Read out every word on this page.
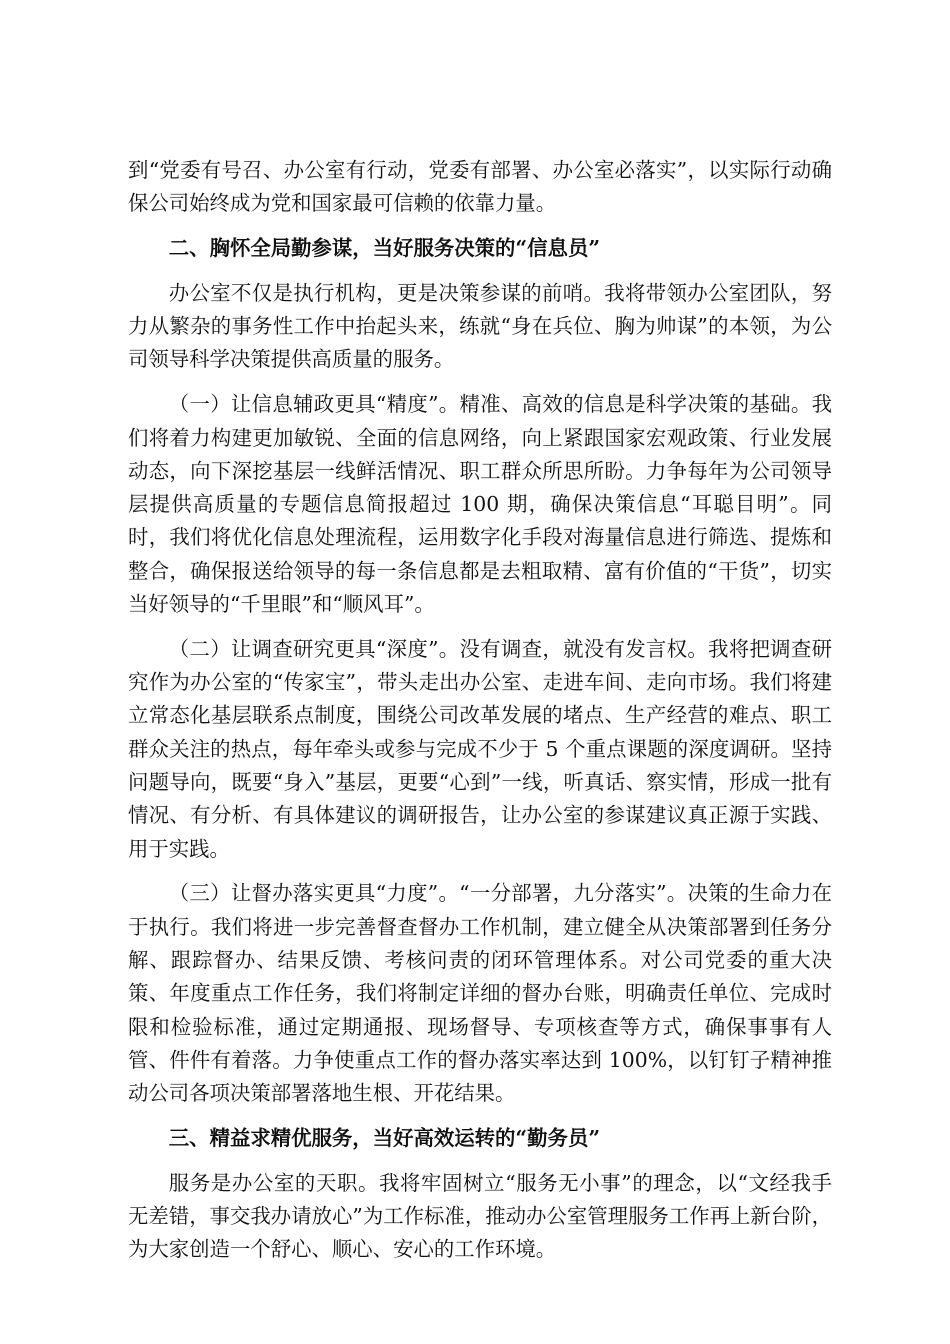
到“党委有号召、办公室有行动，党委有部署、办公室必落实”，以实际行动确保公司始终成为党和国家最可信赖的依靠力量。

二、胸怀全局勤参谋，当好服务决策的“信息员”

办公室不仅是执行机构，更是决策参谋的前哨。我将带领办公室团队，努力从繁杂的事务性工作中抬起头来，练就“身在兵位、胸为帅谋”的本领，为公司领导科学决策提供高质量的服务。

（一）让信息辅政更具“精度”。精准、高效的信息是科学决策的基础。我们将着力构建更加敏锐、全面的信息网络，向上紧跟国家宏观政策、行业发展动态，向下深挖基层一线鲜活情况、职工群众所思所盼。力争每年为公司领导层提供高质量的专题信息简报超过 100 期，确保决策信息“耳聪目明”。同时，我们将优化信息处理流程，运用数字化手段对海量信息进行筛选、提炼和整合，确保报送给领导的每一条信息都是去粗取精、富有价值的“干货”，切实当好领导的“千里眼”和“顺风耳”。

（二）让调查研究更具“深度”。没有调查，就没有发言权。我将把调查研究作为办公室的“传家宝”，带头走出办公室、走进车间、走向市场。我们将建立常态化基层联系点制度，围绕公司改革发展的堵点、生产经营的难点、职工群众关注的热点，每年牵头或参与完成不少于 5 个重点课题的深度调研。坚持问题导向，既要“身入”基层，更要“心到”一线，听真话、察实情，形成一批有情况、有分析、有具体建议的调研报告，让办公室的参谋建议真正源于实践、用于实践。

（三）让督办落实更具“力度”。“一分部署，九分落实”。决策的生命力在于执行。我们将进一步完善督查督办工作机制，建立健全从决策部署到任务分解、跟踪督办、结果反馈、考核问责的闭环管理体系。对公司党委的重大决策、年度重点工作任务，我们将制定详细的督办台账，明确责任单位、完成时限和检验标准，通过定期通报、现场督导、专项核查等方式，确保事事有人管、件件有着落。力争使重点工作的督办落实率达到 100%，以钉钉子精神推动公司各项决策部署落地生根、开花结果。

三、精益求精优服务，当好高效运转的“勤务员”

服务是办公室的天职。我将牢固树立“服务无小事”的理念，以“文经我手无差错，事交我办请放心”为工作标准，推动办公室管理服务工作再上新台阶，为大家创造一个舒心、顺心、安心的工作环境。
